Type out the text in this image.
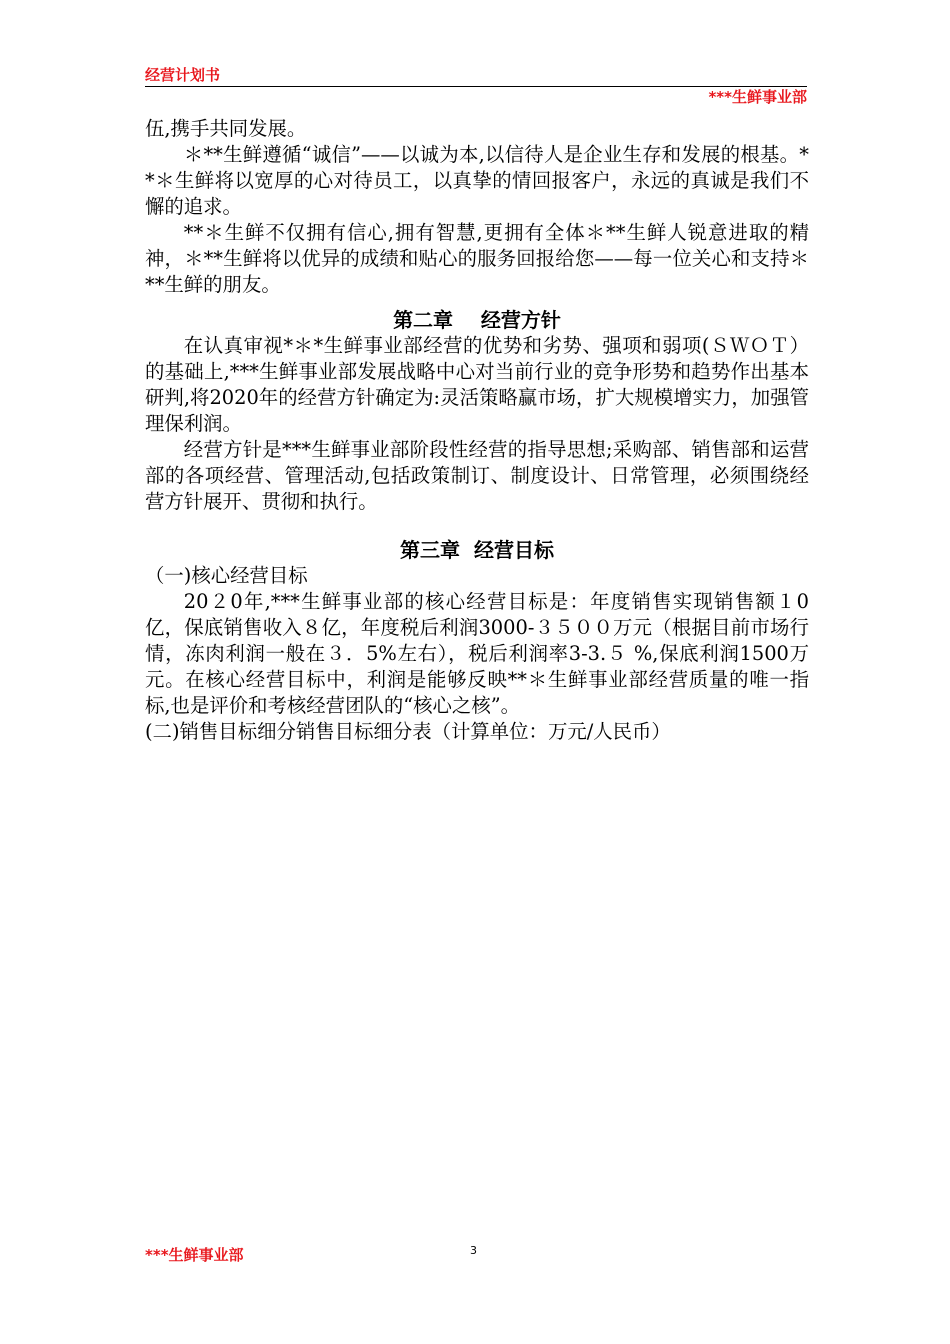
经营计划书
***生鲜事业部

伍,携手共同发展。

＊**生鲜遵循“诚信”——以诚为本,以信待人是企业生存和发展的根基。**＊生鲜将以宽厚的心对待员工，以真挚的情回报客户，永远的真诚是我们不懈的追求。

**＊生鲜不仅拥有信心,拥有智慧,更拥有全体＊**生鲜人锐意进取的精神，＊**生鲜将以优异的成绩和贴心的服务回报给您——每一位关心和支持＊**生鲜的朋友。

第二章    经营方针

在认真审视*＊*生鲜事业部经营的优势和劣势、强项和弱项(ＳＷＯＴ）的基础上,***生鲜事业部发展战略中心对当前行业的竞争形势和趋势作出基本研判,将2020年的经营方针确定为:灵活策略赢市场，扩大规模增实力，加强管理保利润。

经营方针是***生鲜事业部阶段性经营的指导思想;采购部、销售部和运营部的各项经营、管理活动,包括政策制订、制度设计、日常管理，必须围绕经营方针展开、贯彻和执行。

第三章  经营目标

（一)核心经营目标

20２0年,***生鲜事业部的核心经营目标是：年度销售实现销售额１0亿，保底销售收入８亿，年度税后利润3000-３５００万元（根据目前市场行情，冻肉利润一般在３．5%左右），税后利润率3-3.５ %,保底利润1500万元。在核心经营目标中，利润是能够反映**＊生鲜事业部经营质量的唯一指标,也是评价和考核经营团队的“核心之核”。

(二)销售目标细分销售目标细分表（计算单位：万元/人民币）

***生鲜事业部	3
